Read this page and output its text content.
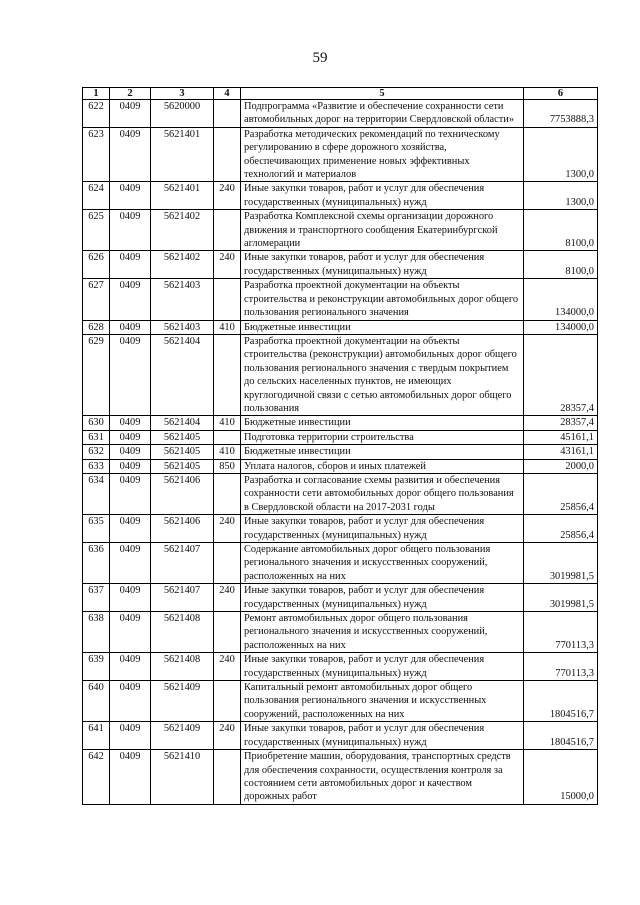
59
1	2	3	4	5	6
622	0409	5620000		Подпрограмма «Развитие и обеспечение сохранности сети автомобильных дорог на территории Свердловской области»	7753888,3
623	0409	5621401		Разработка методических рекомендаций по техническому регулированию в сфере дорожного хозяйства, обеспечивающих применение новых эффективных технологий и материалов	1300,0
624	0409	5621401	240	Иные закупки товаров, работ и услуг для обеспечения государственных (муниципальных) нужд	1300,0
625	0409	5621402		Разработка Комплексной схемы организации дорожного движения и транспортного сообщения Екатеринбургской агломерации	8100,0
626	0409	5621402	240	Иные закупки товаров, работ и услуг для обеспечения государственных (муниципальных) нужд	8100,0
627	0409	5621403		Разработка проектной документации на объекты строительства и реконструкции автомобильных дорог общего пользования регионального значения	134000,0
628	0409	5621403	410	Бюджетные инвестиции	134000,0
629	0409	5621404		Разработка проектной документации на объекты строительства (реконструкции) автомобильных дорог общего пользования регионального значения с твердым покрытием до сельских населенных пунктов, не имеющих круглогодичной связи с сетью автомобильных дорог общего пользования	28357,4
630	0409	5621404	410	Бюджетные инвестиции	28357,4
631	0409	5621405		Подготовка территории строительства	45161,1
632	0409	5621405	410	Бюджетные инвестиции	43161,1
633	0409	5621405	850	Уплата налогов, сборов и иных платежей	2000,0
634	0409	5621406		Разработка и согласование схемы развития и обеспечения сохранности сети автомобильных дорог общего пользования в Свердловской области на 2017-2031 годы	25856,4
635	0409	5621406	240	Иные закупки товаров, работ и услуг для обеспечения государственных (муниципальных) нужд	25856,4
636	0409	5621407		Содержание автомобильных дорог общего пользования регионального значения и искусственных сооружений, расположенных на них	3019981,5
637	0409	5621407	240	Иные закупки товаров, работ и услуг для обеспечения государственных (муниципальных) нужд	3019981,5
638	0409	5621408		Ремонт автомобильных дорог общего пользования регионального значения и искусственных сооружений, расположенных на них	770113,3
639	0409	5621408	240	Иные закупки товаров, работ и услуг для обеспечения государственных (муниципальных) нужд	770113,3
640	0409	5621409		Капитальный ремонт автомобильных дорог общего пользования регионального значения и искусственных сооружений, расположенных на них	1804516,7
641	0409	5621409	240	Иные закупки товаров, работ и услуг для обеспечения государственных (муниципальных) нужд	1804516,7
642	0409	5621410		Приобретение машин, оборудования, транспортных средств для обеспечения сохранности, осуществления контроля за состоянием сети автомобильных дорог и качеством дорожных работ	15000,0
